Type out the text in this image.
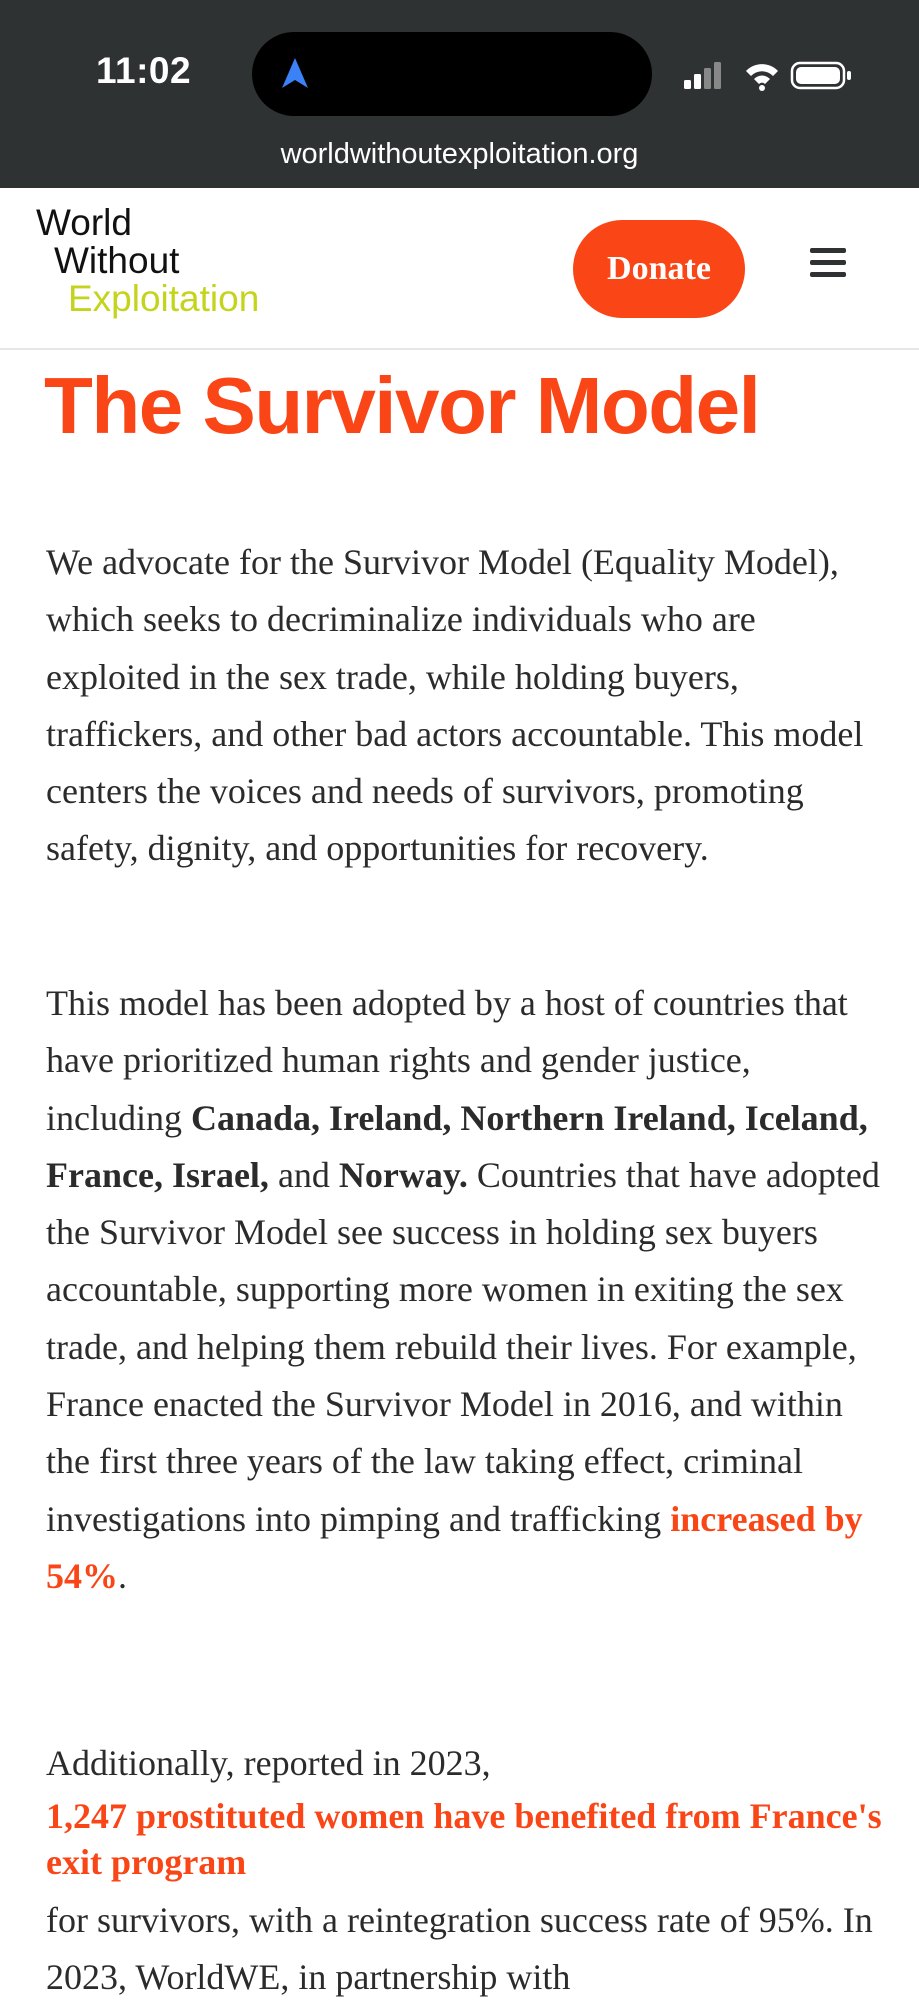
11:02
worldwithoutexploitation.org
World
Without
Exploitation
Donate
The Survivor Model

We advocate for the Survivor Model (Equality Model), which seeks to decriminalize individuals who are exploited in the sex trade, while holding buyers, traffickers, and other bad actors accountable. This model centers the voices and needs of survivors, promoting safety, dignity, and opportunities for recovery.

This model has been adopted by a host of countries that have prioritized human rights and gender justice, including Canada, Ireland, Northern Ireland, Iceland, France, Israel, and Norway. Countries that have adopted the Survivor Model see success in holding sex buyers accountable, supporting more women in exiting the sex trade, and helping them rebuild their lives. For example, France enacted the Survivor Model in 2016, and within the first three years of the law taking effect, criminal investigations into pimping and trafficking increased by 54%.

Additionally, reported in 2023,

1,247 prostituted women have benefited from France's exit program

for survivors, with a reintegration success rate of 95%. In 2023, WorldWE, in partnership with
